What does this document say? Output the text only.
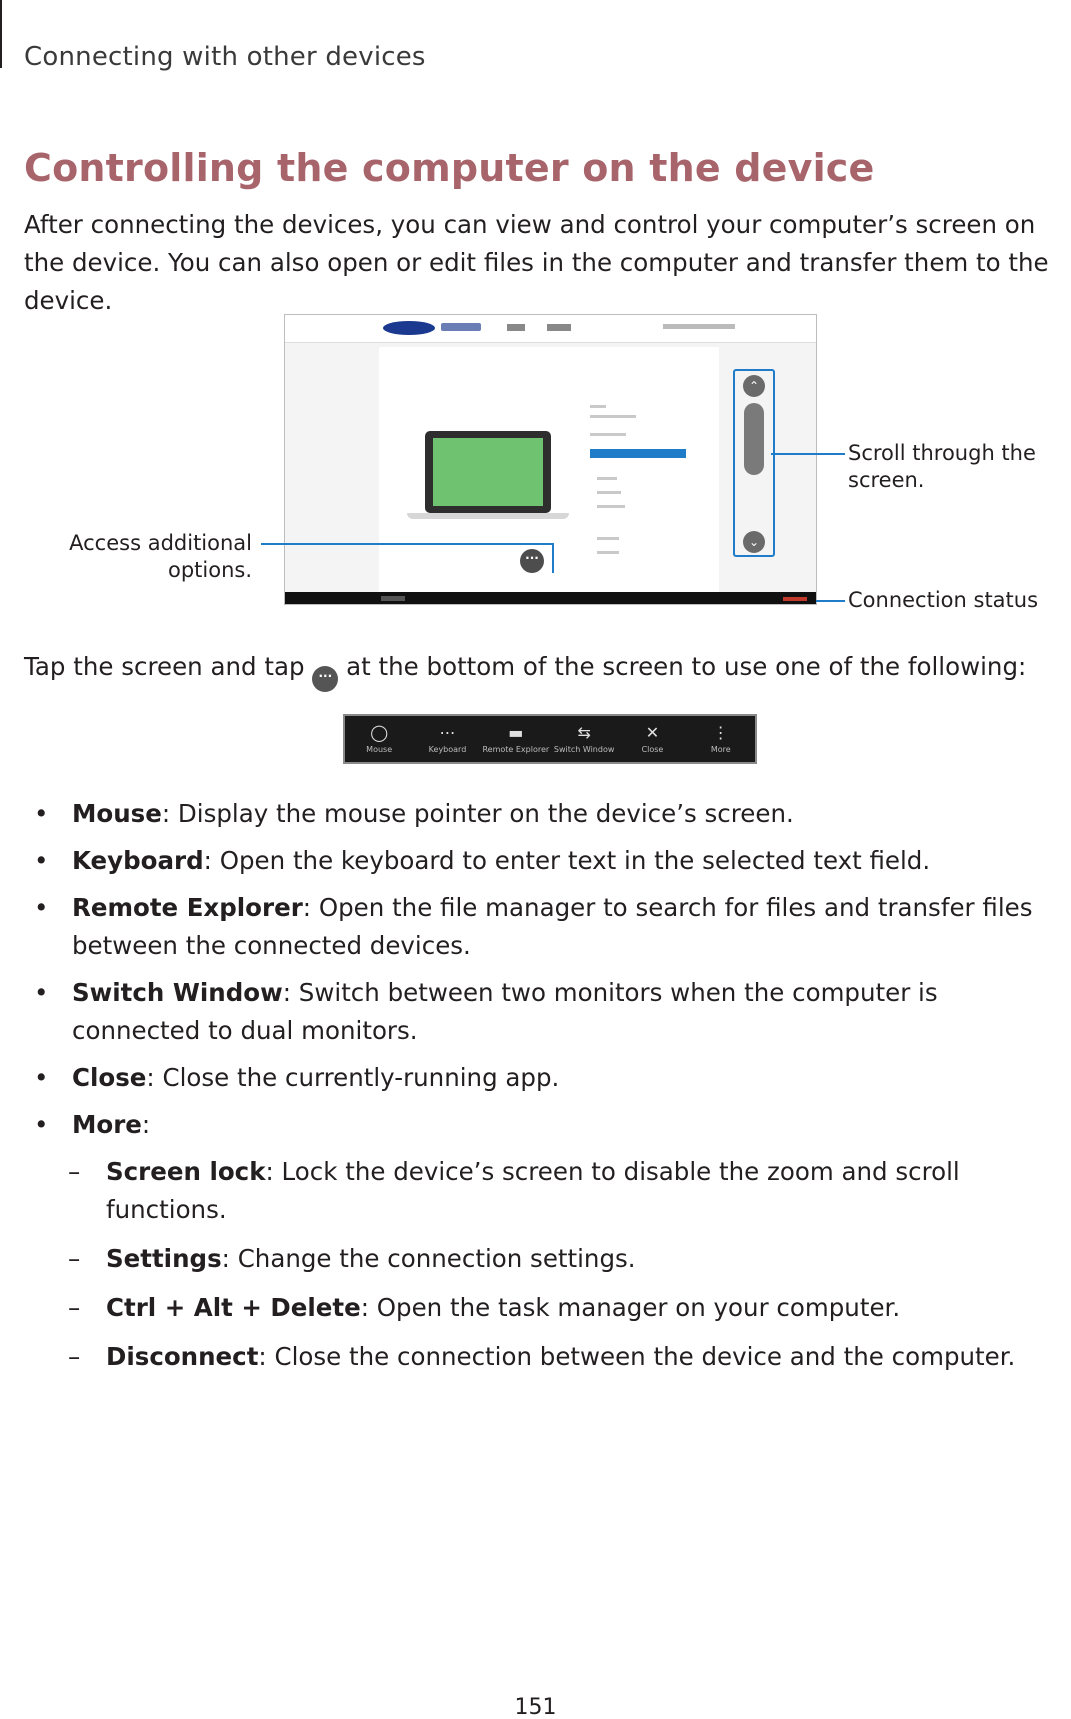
Connecting with other devices
Controlling the computer on the device

After connecting the devices, you can view and control your computer’s screen on the device. You can also open or edit files in the computer and transfer them to the device.

⌃
⌄
···
Scroll through the screen.
Access additional options.
Connection status
Tap the screen and tap ··· at the bottom of the screen to use one of the following:
◯
Mouse
⋯
Keyboard
▬
Remote Explorer
⇆
Switch Window
✕
Close
⋮
More
• Mouse: Display the mouse pointer on the device’s screen.
• Keyboard: Open the keyboard to enter text in the selected text field.
• Remote Explorer: Open the file manager to search for files and transfer files between the connected devices.
• Switch Window: Switch between two monitors when the computer is connected to dual monitors.
• Close: Close the currently-running app.
• More:
– Screen lock: Lock the device’s screen to disable the zoom and scroll functions.
– Settings: Change the connection settings.
– Ctrl + Alt + Delete: Open the task manager on your computer.
– Disconnect: Close the connection between the device and the computer.
151
